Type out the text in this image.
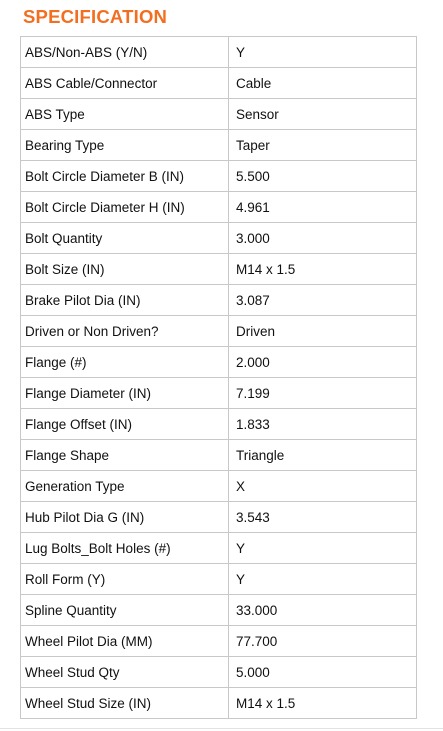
SPECIFICATION
ABS/Non-ABS (Y/N)	Y
ABS Cable/Connector	Cable
ABS Type	Sensor
Bearing Type	Taper
Bolt Circle Diameter B (IN)	5.500
Bolt Circle Diameter H (IN)	4.961
Bolt Quantity	3.000
Bolt Size (IN)	M14 x 1.5
Brake Pilot Dia (IN)	3.087
Driven or Non Driven?	Driven
Flange (#)	2.000
Flange Diameter (IN)	7.199
Flange Offset (IN)	1.833
Flange Shape	Triangle
Generation Type	X
Hub Pilot Dia G (IN)	3.543
Lug Bolts_Bolt Holes (#)	Y
Roll Form (Y)	Y
Spline Quantity	33.000
Wheel Pilot Dia (MM)	77.700
Wheel Stud Qty	5.000
Wheel Stud Size (IN)	M14 x 1.5
